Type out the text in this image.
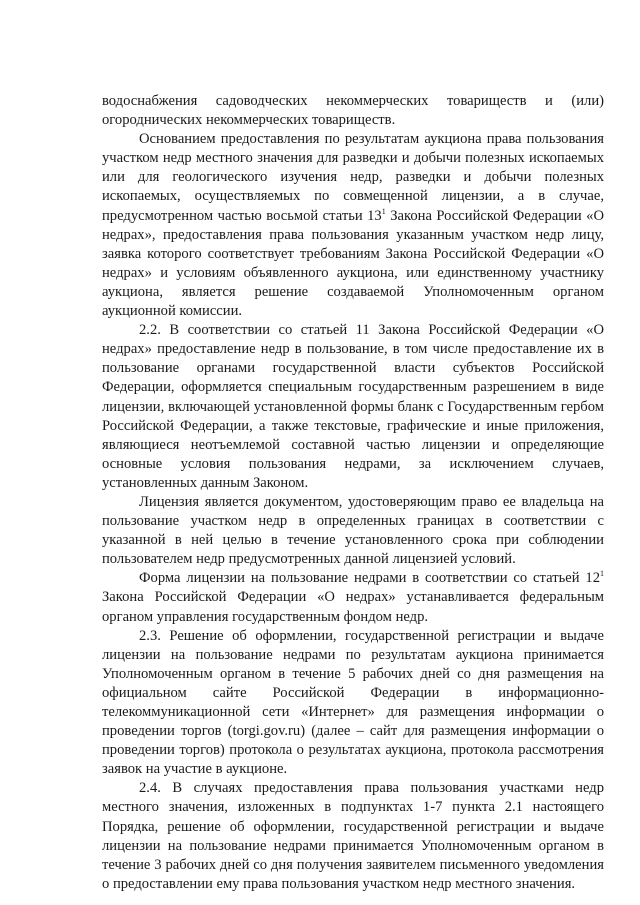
водоснабжения садоводческих некоммерческих товариществ и (или) огороднических некоммерческих товариществ.

Основанием предоставления по результатам аукциона права пользования участком недр местного значения для разведки и добычи полезных ископаемых или для геологического изучения недр, разведки и добычи полезных ископаемых, осуществляемых по совмещенной лицензии, а в случае, предусмотренном частью восьмой статьи $13^1$ Закона Российской Федерации «О недрах», предоставления права пользования указанным участком недр лицу, заявка которого соответствует требованиям Закона Российской Федерации «О недрах» и условиям объявленного аукциона, или единственному участнику аукциона, является решение создаваемой Уполномоченным органом аукционной комиссии.

2.2. В соответствии со статьей 11 Закона Российской Федерации «О недрах» предоставление недр в пользование, в том числе предоставление их в пользование органами государственной власти субъектов Российской Федерации, оформляется специальным государственным разрешением в виде лицензии, включающей установленной формы бланк с Государственным гербом Российской Федерации, а также текстовые, графические и иные приложения, являющиеся неотъемлемой составной частью лицензии и определяющие основные условия пользования недрами, за исключением случаев, установленных данным Законом.

Лицензия является документом, удостоверяющим право ее владельца на пользование участком недр в определенных границах в соответствии с указанной в ней целью в течение установленного срока при соблюдении пользователем недр предусмотренных данной лицензией условий.

Форма лицензии на пользование недрами в соответствии со статьей $12^1$ Закона Российской Федерации «О недрах» устанавливается федеральным органом управления государственным фондом недр.

2.3. Решение об оформлении, государственной регистрации и выдаче лицензии на пользование недрами по результатам аукциона принимается Уполномоченным органом в течение 5 рабочих дней со дня размещения на официальном сайте Российской Федерации в информационно-телекоммуникационной сети «Интернет» для размещения информации о проведении торгов (torgi.gov.ru) (далее – сайт для размещения информации о проведении торгов) протокола о результатах аукциона, протокола рассмотрения заявок на участие в аукционе.

2.4. В случаях предоставления права пользования участками недр местного значения, изложенных в подпунктах 1-7 пункта 2.1 настоящего Порядка, решение об оформлении, государственной регистрации и выдаче лицензии на пользование недрами принимается Уполномоченным органом в течение 3 рабочих дней со дня получения заявителем письменного уведомления о предоставлении ему права пользования участком недр местного значения.
